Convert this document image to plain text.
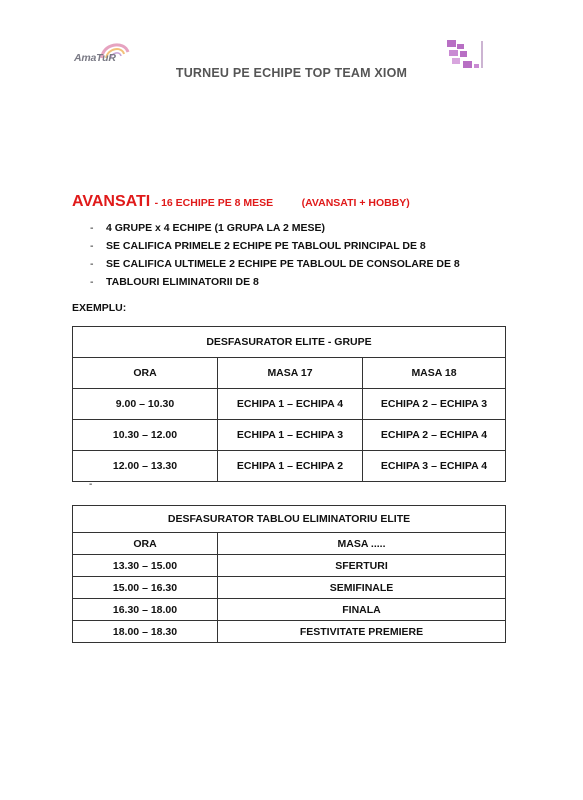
AmaTuR
TURNEU PE ECHIPE TOP TEAM XIOM
AVANSATI - 16 ECHIPE PE 8 MESE	(AVANSATI + HOBBY)
- 4 GRUPE x 4 ECHIPE (1 GRUPA LA 2 MESE)
- SE CALIFICA PRIMELE 2 ECHIPE PE TABLOUL PRINCIPAL DE 8
- SE CALIFICA ULTIMELE 2 ECHIPE PE TABLOUL DE CONSOLARE DE 8
- TABLOURI ELIMINATORII DE 8
EXEMPLU:
DESFASURATOR ELITE - GRUPE		
ORA	MASA 17	MASA 18
9.00 – 10.30	ECHIPA 1 – ECHIPA 4	ECHIPA 2 – ECHIPA 3
10.30 – 12.00	ECHIPA 1 – ECHIPA 3	ECHIPA 2 – ECHIPA 4
12.00 – 13.30	ECHIPA 1 – ECHIPA 2	ECHIPA 3 – ECHIPA 4
-
DESFASURATOR TABLOU ELIMINATORIU ELITE	
ORA	MASA .....
13.30 – 15.00	SFERTURI
15.00 – 16.30	SEMIFINALE
16.30 – 18.00	FINALA
18.00 – 18.30	FESTIVITATE PREMIERE
